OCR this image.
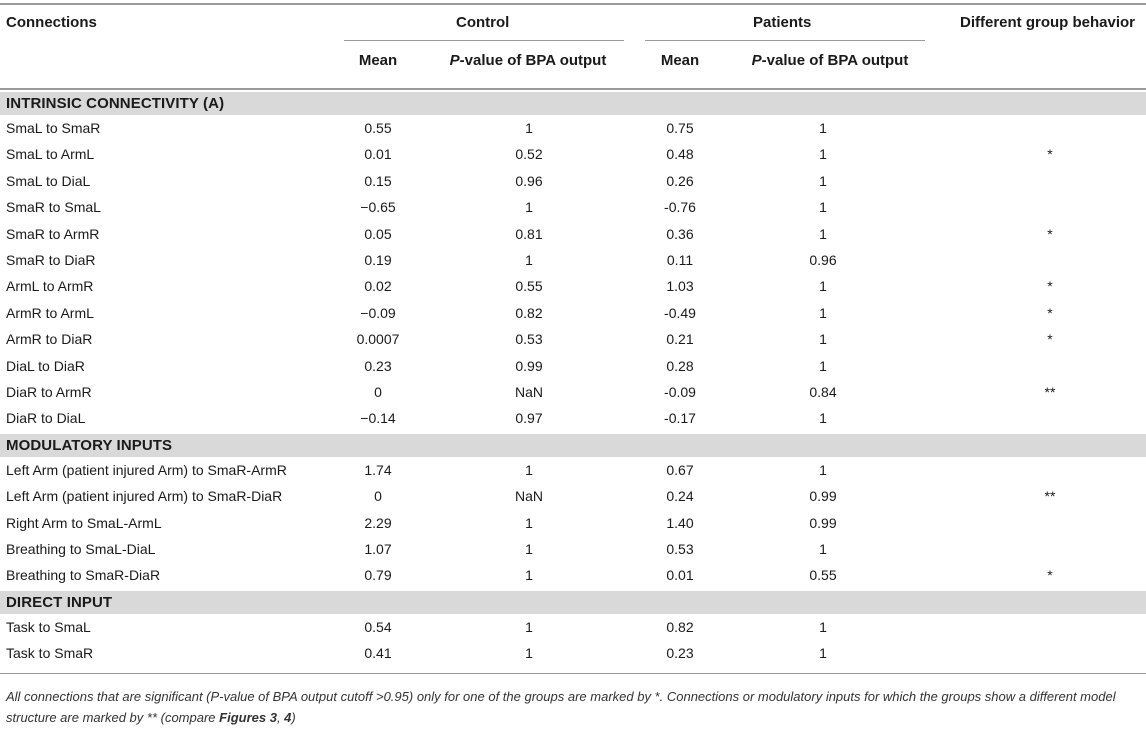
Connections	Control	Patients	Different group behavior
Mean	P-value of BPA output	Mean	P-value of BPA output
All connections that are significant (P-value of BPA output cutoff >0.95) only for one of the groups are marked by *. Connections or modulatory inputs for which the groups show a different model structure are marked by ** (compare Figures 3, 4)
INTRINSIC CONNECTIVITY (A)
SmaL to SmaR	0.55	1	0.75	1
SmaL to ArmL	0.01	0.52	0.48	1	*
SmaL to DiaL	0.15	0.96	0.26	1
SmaR to SmaL	−0.65	1	-0.76	1
SmaR to ArmR	0.05	0.81	0.36	1	*
SmaR to DiaR	0.19	1	0.11	0.96
ArmL to ArmR	0.02	0.55	1.03	1	*
ArmR to ArmL	−0.09	0.82	-0.49	1	*
ArmR to DiaR	0.0007	0.53	0.21	1	*
DiaL to DiaR	0.23	0.99	0.28	1
DiaR to ArmR	0	NaN	-0.09	0.84	**
DiaR to DiaL	−0.14	0.97	-0.17	1
MODULATORY INPUTS
Left Arm (patient injured Arm) to SmaR-ArmR	1.74	1	0.67	1
Left Arm (patient injured Arm) to SmaR-DiaR	0	NaN	0.24	0.99	**
Right Arm to SmaL-ArmL	2.29	1	1.40	0.99
Breathing to SmaL-DiaL	1.07	1	0.53	1
Breathing to SmaR-DiaR	0.79	1	0.01	0.55	*
DIRECT INPUT
Task to SmaL	0.54	1	0.82	1
Task to SmaR	0.41	1	0.23	1
